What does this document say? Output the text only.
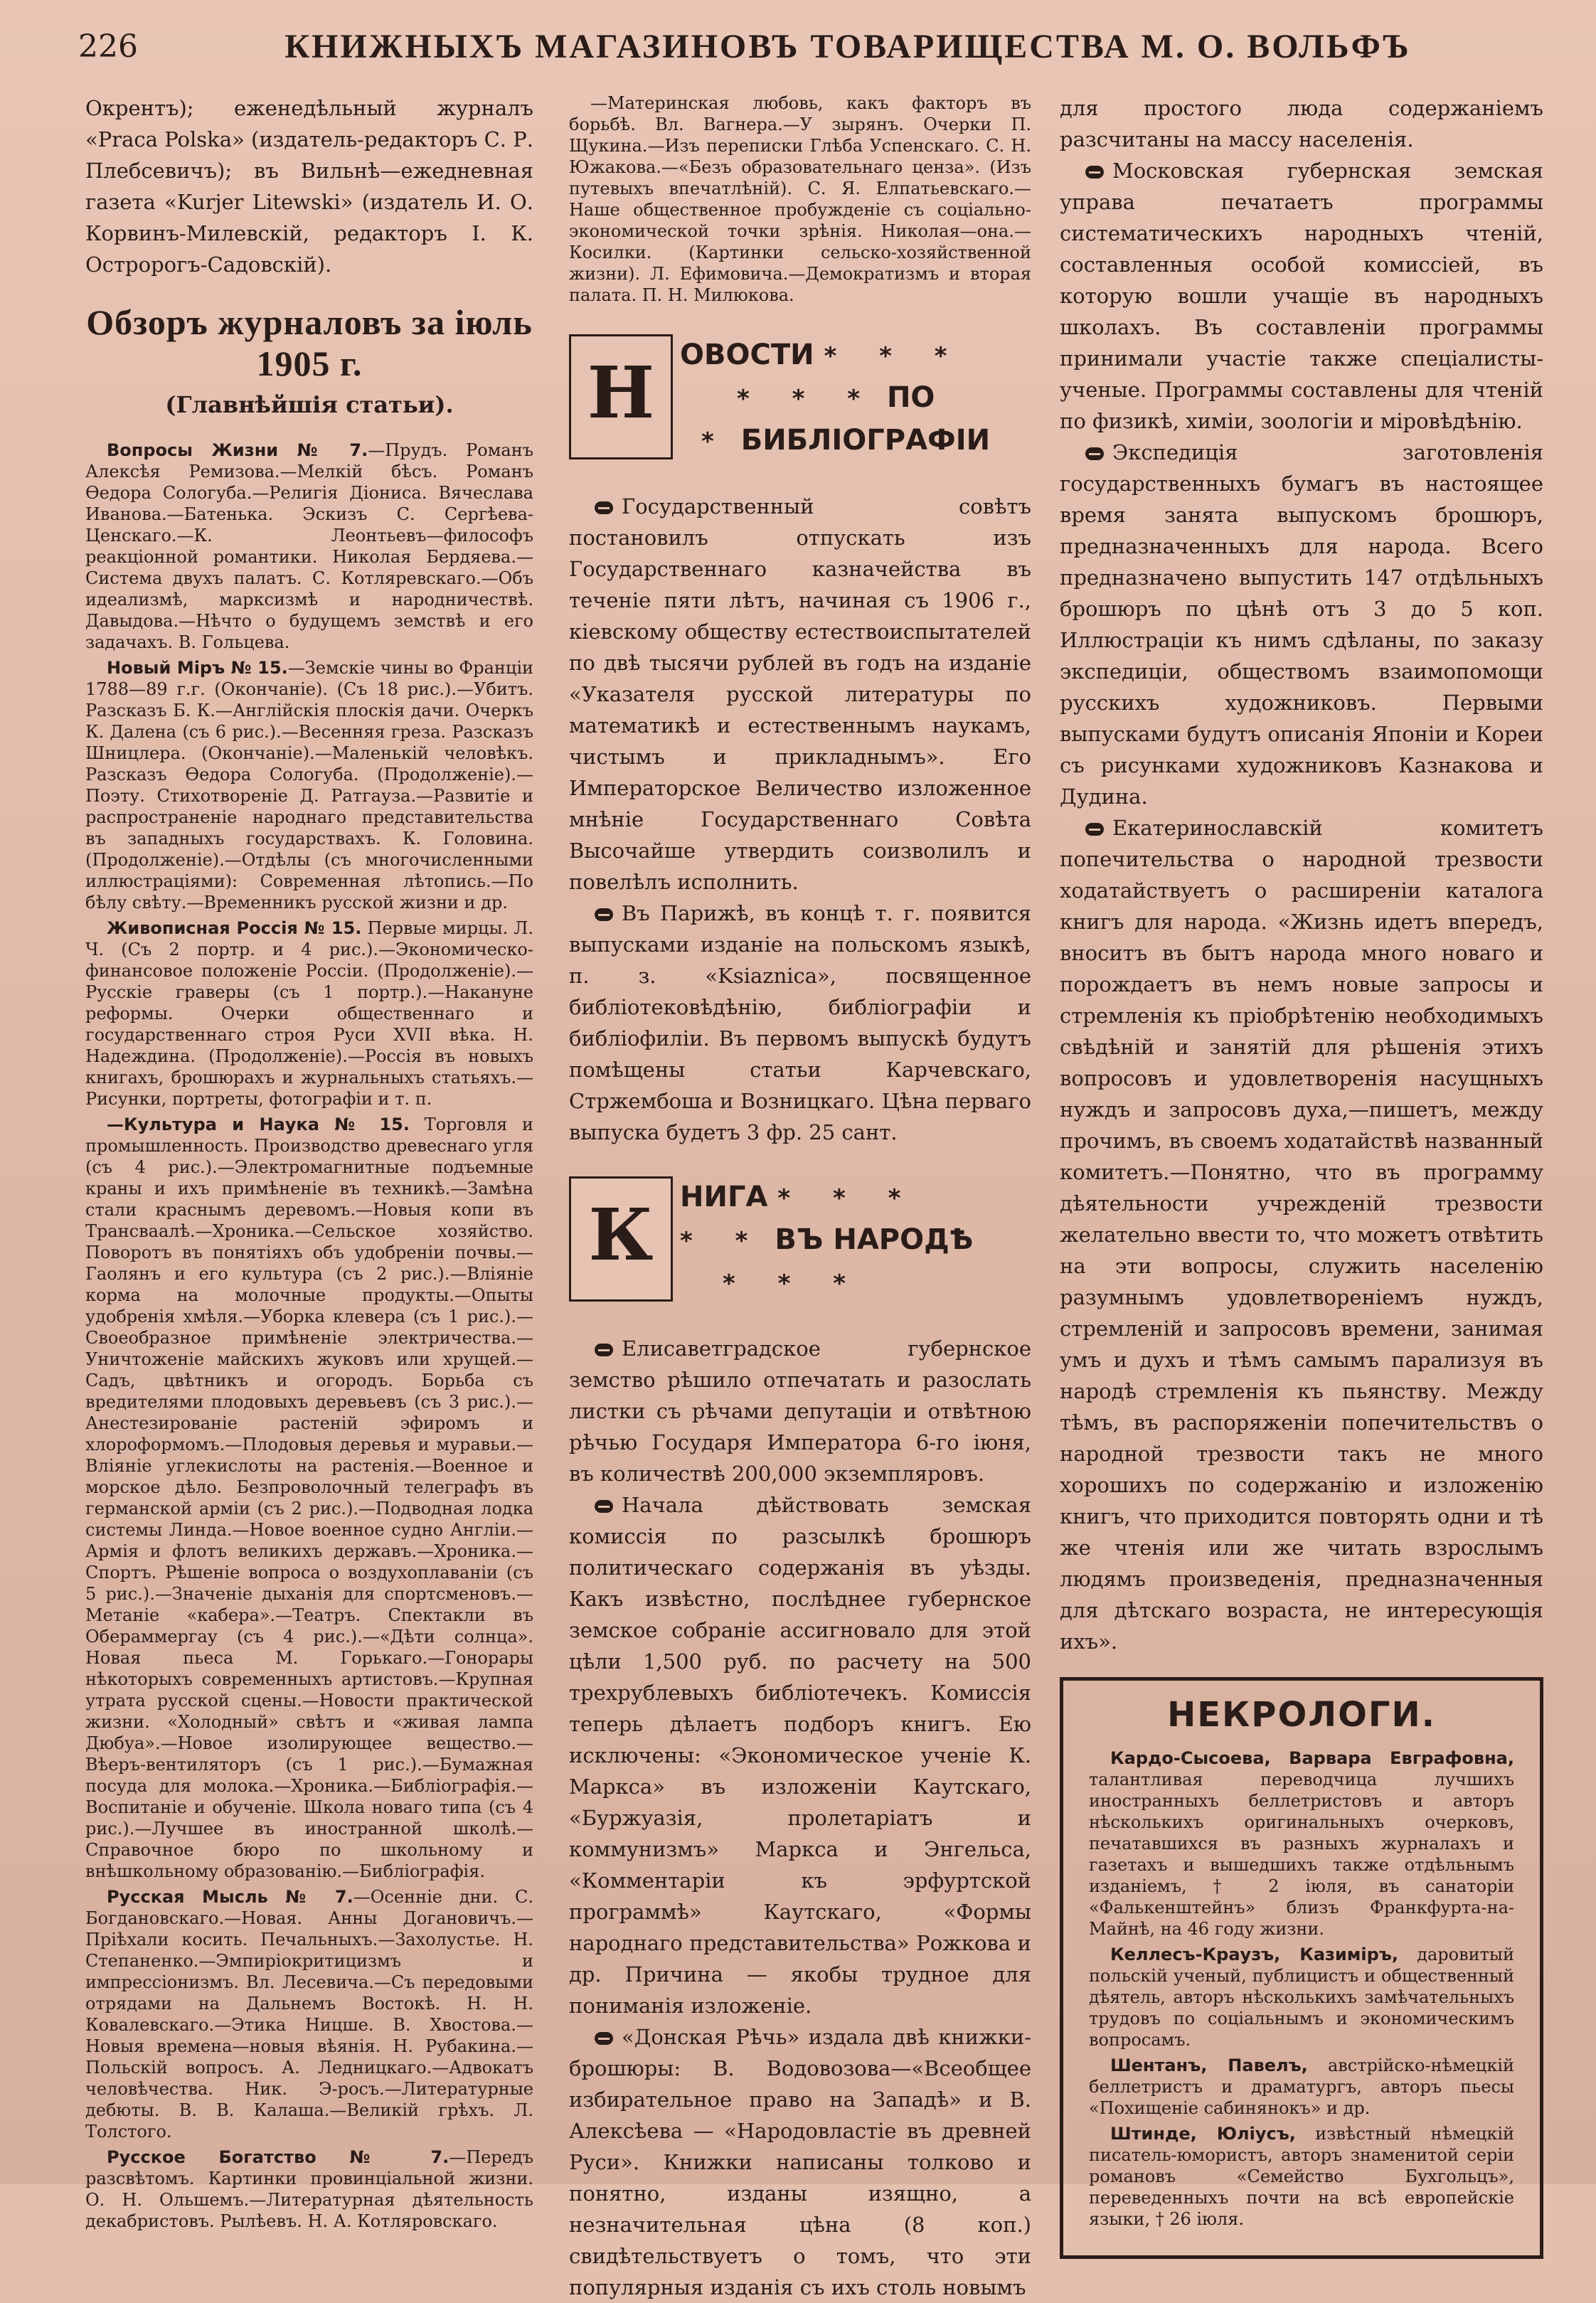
226	КНИЖНЫХЪ МАГАЗИНОВЪ ТОВАРИЩЕСТВА М. О. ВОЛЬФЪ

Окрентъ); еженедѣльный журналъ «Praca Polska» (издатель-редакторъ С. Р. Плебсевичъ); въ Вильнѣ—ежедневная газета «Kurjer Litewski» (издатель И. О. Корвинъ-Милевскій, редакторъ І. К. Остророгъ-Садовскій).

Обзоръ журналовъ за іюль 1905 г.
(Главнѣйшія статьи).

Вопросы Жизни № 7.—Прудъ. Романъ Алексѣя Ремизова.—Мелкій бѣсъ. Романъ Ѳедора Сологуба.—Религія Діониса. Вячеслава Иванова.—Батенька. Эскизъ С. Сергѣева-Ценскаго.—К. Леонтьевъ—философъ реакціонной романтики. Николая Бердяева.—Система двухъ палатъ. С. Котляревскаго.—Объ идеализмѣ, марксизмѣ и народничествѣ. Давыдова.—Нѣчто о будущемъ земствѣ и его задачахъ. В. Гольцева.

Новый Міръ № 15.—Земскіе чины во Франціи 1788—89 г.г. (Окончаніе). (Съ 18 рис.).—Убитъ. Разсказъ Б. К.—Англійскія плоскія дачи. Очеркъ К. Далена (съ 6 рис.).—Весенняя греза. Разсказъ Шницлера. (Окончаніе).—Маленькій человѣкъ. Разсказъ Ѳедора Сологуба. (Продолженіе).—Поэту. Стихотвореніе Д. Ратгауза.—Развитіе и распространеніе народнаго представительства въ западныхъ государствахъ. К. Головина. (Продолженіе).—Отдѣлы (съ многочисленными иллюстраціями): Современная лѣтопись.—По бѣлу свѣту.—Временникъ русской жизни и др.

Живописная Россія № 15. Первые мирцы. Л. Ч. (Съ 2 портр. и 4 рис.).—Экономическо-финансовое положеніе Россіи. (Продолженіе).—Русскіе граверы (съ 1 портр.).—Накануне реформы. Очерки общественнаго и государственнаго строя Руси XVII вѣка. Н. Надеждина. (Продолженіе).—Россія въ новыхъ книгахъ, брошюрахъ и журнальныхъ статьяхъ.—Рисунки, портреты, фотографіи и т. п.

—Культура и Наука № 15. Торговля и промышленность. Производство древеснаго угля (съ 4 рис.).—Электромагнитные подъемные краны и ихъ примѣненіе въ техникѣ.—Замѣна стали краснымъ деревомъ.—Новыя копи въ Трансваалѣ.—Хроника.—Сельское хозяйство. Поворотъ въ понятіяхъ объ удобреніи почвы.—Гаолянъ и его культура (съ 2 рис.).—Вліяніе корма на молочные продукты.—Опыты удобренія хмѣля.—Уборка клевера (съ 1 рис.).—Своеобразное примѣненіе электричества.—Уничтоженіе майскихъ жуковъ или хрущей.—Садъ, цвѣтникъ и огородъ. Борьба съ вредителями плодовыхъ деревьевъ (съ 3 рис.).—Анестезированіе растеній эфиромъ и хлороформомъ.—Плодовыя деревья и муравьи.—Вліяніе углекислоты на растенія.—Военное и морское дѣло. Безпроволочный телеграфъ въ германской арміи (съ 2 рис.).—Подводная лодка системы Линда.—Новое военное судно Англіи.—Армія и флотъ великихъ державъ.—Хроника.—Спортъ. Рѣшеніе вопроса о воздухоплаваніи (съ 5 рис.).—Значеніе дыханія для спортсменовъ.—Метаніе «кабера».—Театръ. Спектакли въ Обераммергау (съ 4 рис.).—«Дѣти солнца». Новая пьеса М. Горькаго.—Гонорары нѣкоторыхъ современныхъ артистовъ.—Крупная утрата русской сцены.—Новости практической жизни. «Холодный» свѣтъ и «живая лампа Дюбуа».—Новое изолирующее вещество.—Вѣеръ-вентиляторъ (съ 1 рис.).—Бумажная посуда для молока.—Хроника.—Библіографія.—Воспитаніе и обученіе. Школа новаго типа (съ 4 рис.).—Лучшее въ иностранной школѣ.—Справочное бюро по школьному и внѣшкольному образованію.—Библіографія.

Русская Мысль № 7.—Осенніе дни. С. Богдановскаго.—Новая. Анны Догановичъ.—Пріѣхали косить. Печальныхъ.—Захолустье. Н. Степаненко.—Эмпиріокритицизмъ и импрессіонизмъ. Вл. Лесевича.—Съ передовыми отрядами на Дальнемъ Востокѣ. Н. Н. Ковалевскаго.—Этика Ницше. В. Хвостова.—Новыя времена—новыя вѣянія. Н. Рубакина.—Польскій вопросъ. А. Ледницкаго.—Адвокатъ человѣчества. Ник. Э-росъ.—Литературные дебюты. В. В. Калаша.—Великій грѣхъ. Л. Толстого.

Русское Богатство № 7.—Передъ разсвѣтомъ. Картинки провинціальной жизни. О. Н. Ольшемъ.—Литературная дѣятельность декабристовъ. Рылѣевъ. Н. А. Котляровскаго.

—Материнская любовь, какъ факторъ въ борьбѣ. Вл. Вагнера.—У зырянъ. Очерки П. Щукина.—Изъ переписки Глѣба Успенскаго. С. Н. Южакова.—«Безъ образовательнаго ценза». (Изъ путевыхъ впечатлѣній). С. Я. Елпатьевскаго.—Наше общественное пробужденіе съ соціально-экономической точки зрѣнія. Николая—она.—Косилки. (Картинки сельско-хозяйственной жизни). Л. Ефимовича.—Демократизмъ и вторая палата. П. Н. Милюкова.

Н ОВОСТИ * * *
* * * ПО
* БИБЛІОГРАФІИ

Государственный совѣтъ постановилъ отпускать изъ Государственнаго казначейства въ теченіе пяти лѣтъ, начиная съ 1906 г., кіевскому обществу естествоиспытателей по двѣ тысячи рублей въ годъ на изданіе «Указателя русской литературы по математикѣ и естественнымъ наукамъ, чистымъ и прикладнымъ». Его Императорское Величество изложенное мнѣніе Государственнаго Совѣта Высочайше утвердить соизволилъ и повелѣлъ исполнить.

Въ Парижѣ, въ концѣ т. г. появится выпусками изданіе на польскомъ языкѣ, п. з. «Ksiaznica», посвященное библіотековѣдѣнію, библіографіи и библіофиліи. Въ первомъ выпускѣ будутъ помѣщены статьи Карчевскаго, Стржембоша и Возницкаго. Цѣна перваго выпуска будетъ 3 фр. 25 сант.

К НИГА * * *
* * ВЪ НАРОДѢ
* * *

Елисаветградское губернское земство рѣшило отпечатать и разослать листки съ рѣчами депутаціи и отвѣтною рѣчью Государя Императора 6-го іюня, въ количествѣ 200,000 экземпляровъ.

Начала дѣйствовать земская комиссія по разсылкѣ брошюръ политическаго содержанія въ уѣзды. Какъ извѣстно, послѣднее губернское земское собраніе ассигновало для этой цѣли 1,500 руб. по расчету на 500 трехрублевыхъ библіотечекъ. Комиссія теперь дѣлаетъ подборъ книгъ. Ею исключены: «Экономическое ученіе К. Маркса» въ изложеніи Каутскаго, «Буржуазія, пролетаріатъ и коммунизмъ» Маркса и Энгельса, «Комментаріи къ эрфуртской программѣ» Каутскаго, «Формы народнаго представительства» Рожкова и др. Причина — якобы трудное для пониманія изложеніе.

«Донская Рѣчь» издала двѣ книжки-брошюры: В. Водовозова—«Всеобщее избирательное право на Западѣ» и В. Алексѣева — «Народовластіе въ древней Руси». Книжки написаны толково и понятно, изданы изящно, а незначительная цѣна (8 коп.) свидѣтельствуетъ о томъ, что эти популярныя изданія съ ихъ столь новымъ

для простого люда содержаніемъ разсчитаны на массу населенія.

Московская губернская земская управа печатаетъ программы систематическихъ народныхъ чтеній, составленныя особой комиссіей, въ которую вошли учащіе въ народныхъ школахъ. Въ составленіи программы принимали участіе также спеціалисты-ученые. Программы составлены для чтеній по физикѣ, химіи, зоологіи и міровѣдѣнію.

Экспедиція заготовленія государственныхъ бумагъ въ настоящее время занята выпускомъ брошюръ, предназначенныхъ для народа. Всего предназначено выпустить 147 отдѣльныхъ брошюръ по цѣнѣ отъ 3 до 5 коп. Иллюстраціи къ нимъ сдѣланы, по заказу экспедиціи, обществомъ взаимопомощи русскихъ художниковъ. Первыми выпусками будутъ описанія Японіи и Кореи съ рисунками художниковъ Казнакова и Дудина.

Екатеринославскій комитетъ попечительства о народной трезвости ходатайствуетъ о расширеніи каталога книгъ для народа. «Жизнь идетъ впередъ, вноситъ въ бытъ народа много новаго и порождаетъ въ немъ новые запросы и стремленія къ пріобрѣтенію необходимыхъ свѣдѣній и занятій для рѣшенія этихъ вопросовъ и удовлетворенія насущныхъ нуждъ и запросовъ духа,—пишетъ, между прочимъ, въ своемъ ходатайствѣ названный комитетъ.—Понятно, что въ программу дѣятельности учрежденій трезвости желательно ввести то, что можетъ отвѣтить на эти вопросы, служить населенію разумнымъ удовлетвореніемъ нуждъ, стремленій и запросовъ времени, занимая умъ и духъ и тѣмъ самымъ парализуя въ народѣ стремленія къ пьянству. Между тѣмъ, въ распоряженіи попечительствъ о народной трезвости такъ не много хорошихъ по содержанію и изложенію книгъ, что приходится повторять одни и тѣ же чтенія или же читать взрослымъ людямъ произведенія, предназначенныя для дѣтскаго возраста, не интересующія ихъ».

НЕКРОЛОГИ.

Кардо-Сысоева, Варвара Евграфовна, талантливая переводчица лучшихъ иностранныхъ беллетристовъ и авторъ нѣсколькихъ оригинальныхъ очерковъ, печатавшихся въ разныхъ журналахъ и газетахъ и вышедшихъ также отдѣльнымъ изданіемъ, † 2 іюля, въ санаторіи «Фалькенштейнъ» близъ Франкфурта-на-Майнѣ, на 46 году жизни.

Келлесъ-Краузъ, Казиміръ, даровитый польскій ученый, публицистъ и общественный дѣятель, авторъ нѣсколькихъ замѣчательныхъ трудовъ по соціальнымъ и экономическимъ вопросамъ.

Шентанъ, Павелъ, австрійско-нѣмецкій беллетристъ и драматургъ, авторъ пьесы «Похищеніе сабинянокъ» и др.

Штинде, Юліусъ, извѣстный нѣмецкій писатель-юмористъ, авторъ знаменитой серіи романовъ «Семейство Бухгольцъ», переведенныхъ почти на всѣ европейскіе языки, † 26 іюля.
